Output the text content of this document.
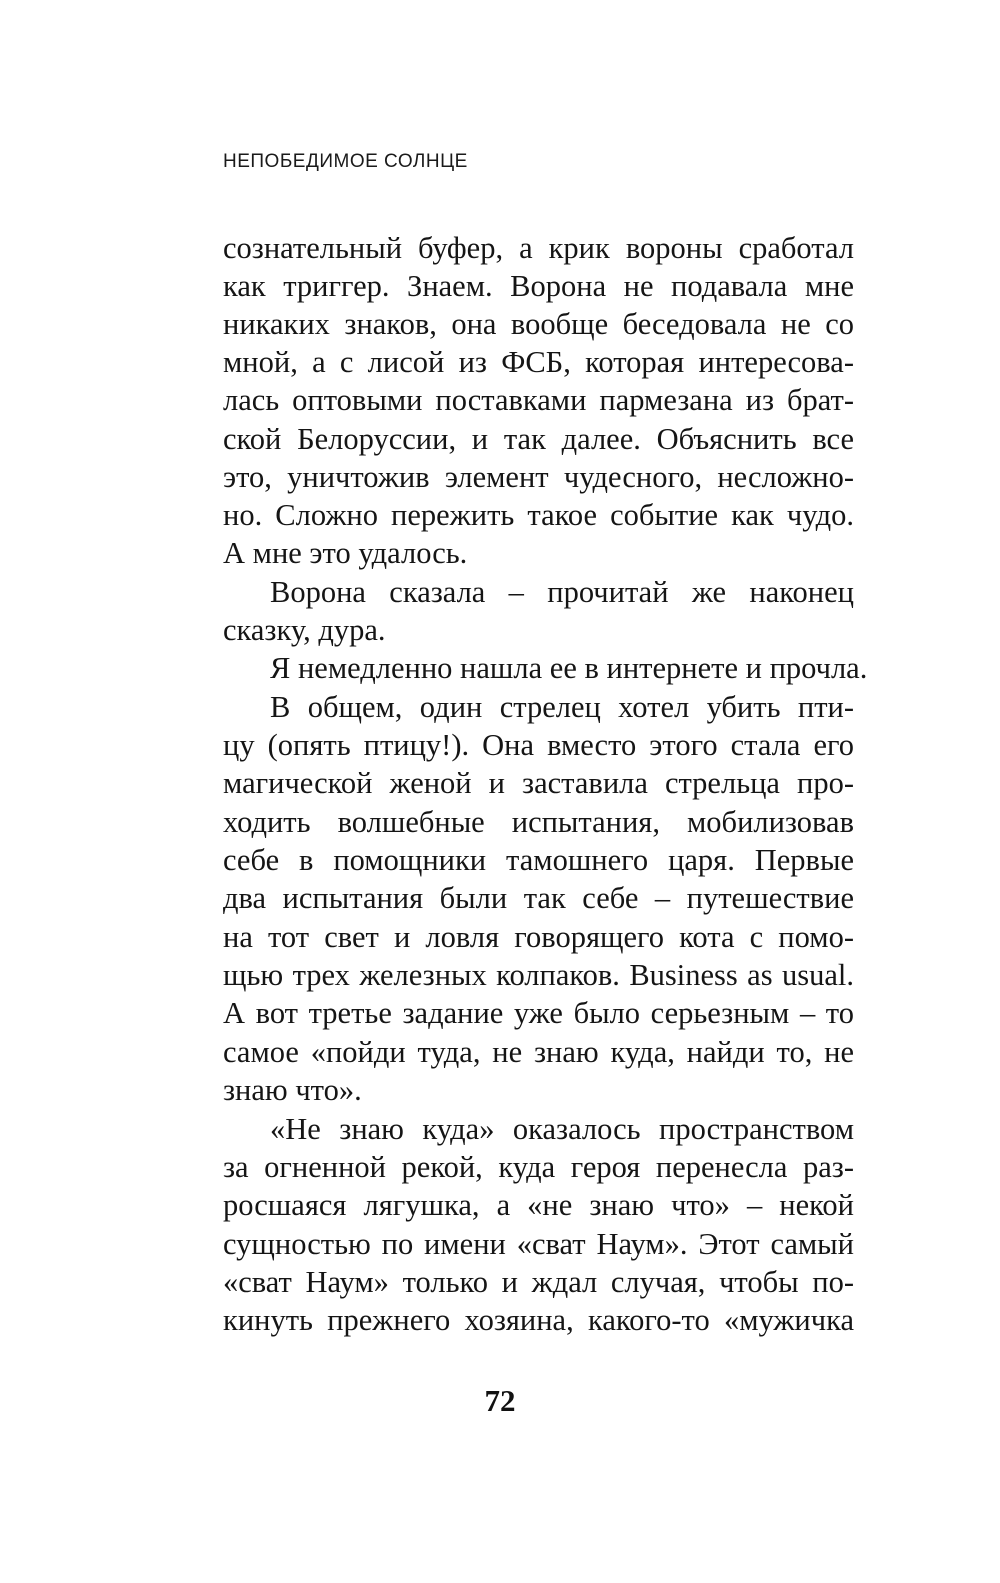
НЕПОБЕДИМОЕ СОЛНЦЕ
сознательный буфер, а крик вороны сработал
как триггер. Знаем. Ворона не подавала мне
никаких знаков, она вообще беседовала не со
мной, а с лисой из ФСБ, которая интересова-
лась оптовыми поставками пармезана из брат-
ской Белоруссии, и так далее. Объяснить все
это, уничтожив элемент чудесного, несложно-
но. Сложно пережить такое событие как чудо.
А мне это удалось.
Ворона сказала – прочитай же наконец
сказку, дура.
Я немедленно нашла ее в интернете и прочла.
В общем, один стрелец хотел убить пти-
цу (опять птицу!). Она вместо этого стала его
магической женой и заставила стрельца про-
ходить волшебные испытания, мобилизовав
себе в помощники тамошнего царя. Первые
два испытания были так себе – путешествие
на тот свет и ловля говорящего кота с помо-
щью трех железных колпаков. Business as usual.
А вот третье задание уже было серьезным – то
самое «пойди туда, не знаю куда, найди то, не
знаю что».
«Не знаю куда» оказалось пространством
за огненной рекой, куда героя перенесла раз-
росшаяся лягушка, а «не знаю что» – некой
сущностью по имени «сват Наум». Этот самый
«сват Наум» только и ждал случая, чтобы по-
кинуть прежнего хозяина, какого-то «мужичка
72
